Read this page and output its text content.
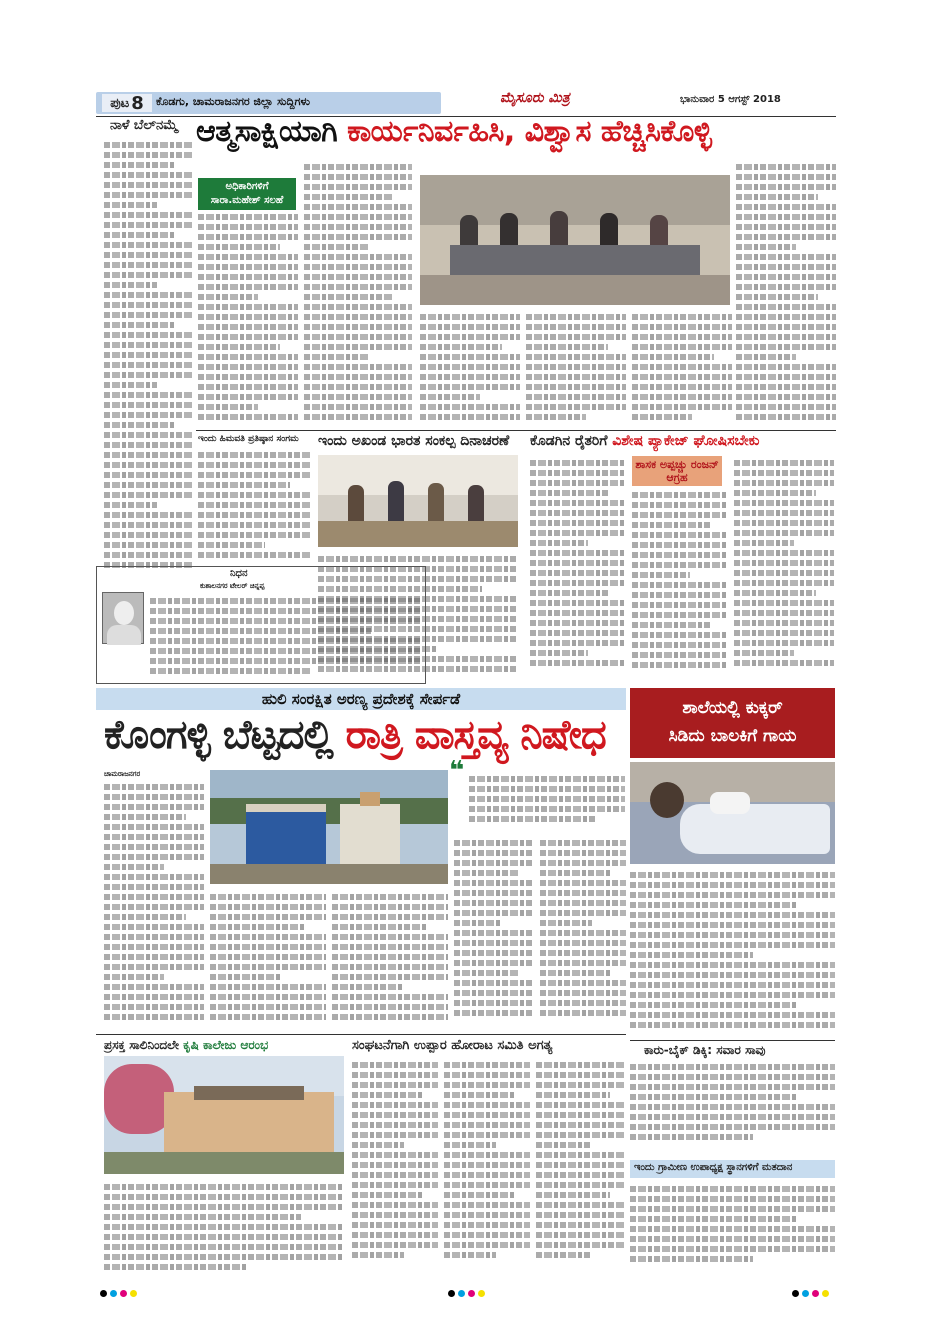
ಪುಟ 8 ಕೊಡಗು, ಚಾಮರಾಜನಗರ ಜಿಲ್ಲಾ ಸುದ್ದಿಗಳು	ಮೈಸೂರು ಮಿತ್ರ	ಭಾನುವಾರ 5 ಆಗಸ್ಟ್ 2018
ನಾಳೆ ಬೆಲ್‌ನಮ್ಮೆ ಆತ್ಮಸಾಕ್ಷಿಯಾಗಿ ಕಾರ್ಯನಿರ್ವಹಿಸಿ, ವಿಶ್ವಾಸ ಹೆಚ್ಚಿಸಿಕೊಳ್ಳಿ
ಅಧಿಕಾರಿಗಳಿಗೆ ಸಾರಾ.ಮಹೇಶ್ ಸಲಹೆ
ಇಂದು ಹಿಮವತಿ ಪ್ರತಿಷ್ಠಾನ ಸಂಗಮ ಇಂದು ಅಖಂಡ ಭಾರತ ಸಂಕಲ್ಪ ದಿನಾಚರಣೆ ಕೊಡಗಿನ ರೈತರಿಗೆ ವಿಶೇಷ ಪ್ಯಾಕೇಜ್ ಘೋಷಿಸಬೇಕು
ಶಾಸಕ ಅಪ್ಪಚ್ಚು ರಂಜನ್ ಆಗ್ರಹ
ನಿಧನ
ಕುಶಾಲನಗರ ಟೇಲರ್ ಚಿನ್ನಪ್ಪ
ಹುಲಿ ಸಂರಕ್ಷಿತ ಅರಣ್ಯ ಪ್ರದೇಶಕ್ಕೆ ಸೇರ್ಪಡೆ
ಕೊಂಗಳ್ಳಿ ಬೆಟ್ಟದಲ್ಲಿ ರಾತ್ರಿ ವಾಸ್ತವ್ಯ ನಿಷೇಧ
ಶಾಲೆಯಲ್ಲಿ ಕುಕ್ಕರ್
ಸಿಡಿದು ಬಾಲಕಿಗೆ ಗಾಯ
ಚಾಮರಾಜನಗರ	❝
ಪ್ರಸಕ್ತ ಸಾಲಿನಿಂದಲೇ ಕೃಷಿ ಕಾಲೇಜು ಆರಂಭ	ಸಂಘಟನೆಗಾಗಿ ಉಪ್ಪಾರ ಹೋರಾಟ ಸಮಿತಿ ಅಗತ್ಯ	ಕಾರು-ಬೈಕ್ ಡಿಕ್ಕಿ: ಸವಾರ ಸಾವು
ಇಂದು ಗ್ರಾಮೀಣ ಉಪಾಧ್ಯಕ್ಷ ಸ್ಥಾನಗಳಿಗೆ ಮತದಾನ
